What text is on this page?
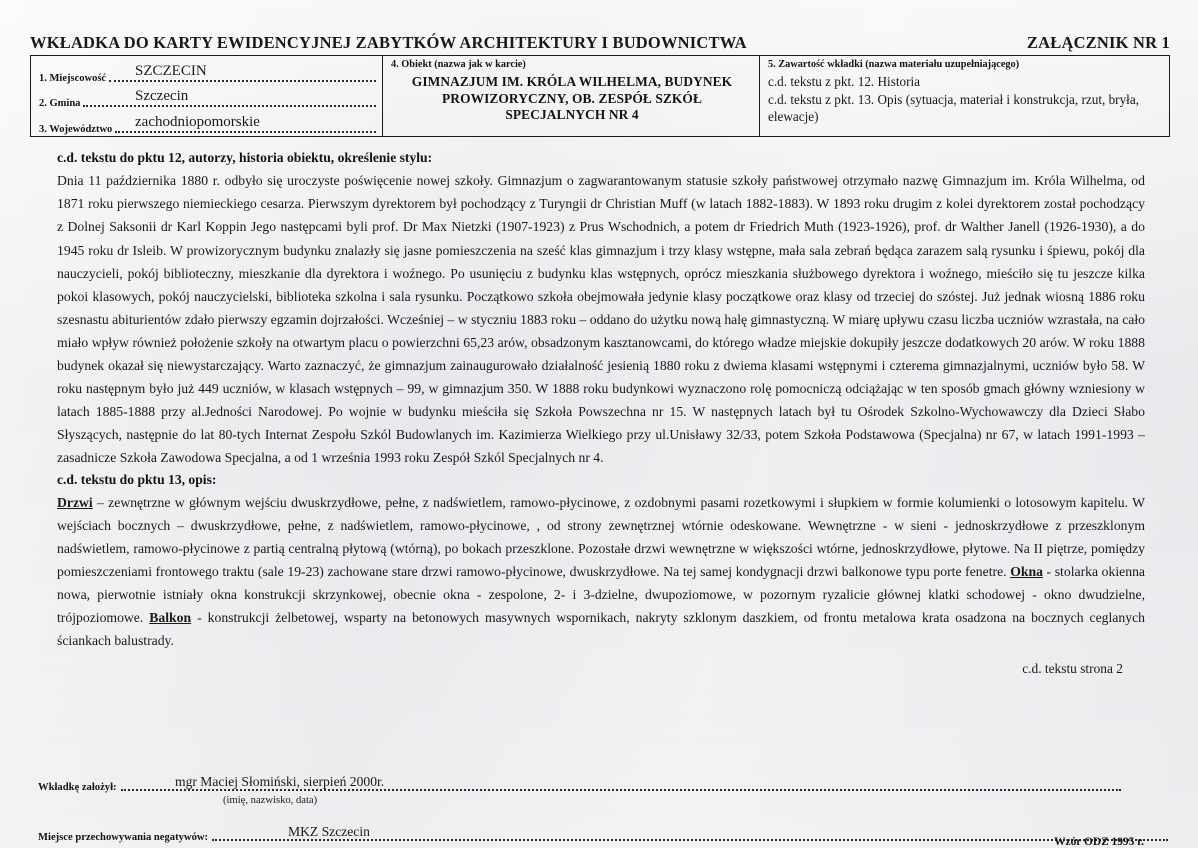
WKŁADKA DO KARTY EWIDENCYJNEJ ZABYTKÓW ARCHITEKTURY I BUDOWNICTWA	ZAŁĄCZNIK NR 1
1. Miejscowość SZCZECIN
2. Gmina	Szczecin
3. Województwo zachodniopomorskie
4. Obiekt (nazwa jak w karcie)
GIMNAZJUM IM. KRÓLA WILHELMA, BUDYNEK
PROWIZORYCZNY, OB. ZESPÓŁ SZKÓŁ
SPECJALNYCH NR 4
5. Zawartość wkładki (nazwa materiału uzupełniającego)
c.d. tekstu z pkt. 12. Historia
c.d. tekstu z pkt. 13. Opis (sytuacja, materiał i konstrukcja, rzut, bryła,
elewacje)
c.d. tekstu do pktu 12, autorzy, historia obiektu, określenie stylu:

Dnia 11 października 1880 r. odbyło się uroczyste poświęcenie nowej szkoły. Gimnazjum o zagwarantowanym statusie szkoły państwowej otrzymało nazwę Gimnazjum im. Króla Wilhelma, od 1871 roku pierwszego niemieckiego cesarza. Pierwszym dyrektorem był pochodzący z Turyngii dr Christian Muff (w latach 1882-1883). W 1893 roku drugim z kolei dyrektorem został pochodzący z Dolnej Saksonii dr Karl Koppin Jego następcami byli prof. Dr Max Nietzki (1907-1923) z Prus Wschodnich, a potem dr Friedrich Muth (1923-1926), prof. dr Walther Janell (1926-1930), a do 1945 roku dr Isleib. W prowizorycznym budynku znalazły się jasne pomieszczenia na sześć klas gimnazjum i trzy klasy wstępne, mała sala zebrań będąca zarazem salą rysunku i śpiewu, pokój dla nauczycieli, pokój biblioteczny, mieszkanie dla dyrektora i woźnego. Po usunięciu z budynku klas wstępnych, oprócz mieszkania służbowego dyrektora i woźnego, mieściło się tu jeszcze kilka pokoi klasowych, pokój nauczycielski, biblioteka szkolna i sala rysunku. Początkowo szkoła obejmowała jedynie klasy początkowe oraz klasy od trzeciej do szóstej. Już jednak wiosną 1886 roku szesnastu abiturientów zdało pierwszy egzamin dojrzałości. Wcześniej – w styczniu 1883 roku – oddano do użytku nową halę gimnastyczną. W miarę upływu czasu liczba uczniów wzrastała, na cało miało wpływ również położenie szkoły na otwartym placu o powierzchni 65,23 arów, obsadzonym kasztanowcami, do którego władze miejskie dokupiły jeszcze dodatkowych 20 arów. W roku 1888 budynek okazał się niewystarczający. Warto zaznaczyć, że gimnazjum zainaugurowało działalność jesienią 1880 roku z dwiema klasami wstępnymi i czterema gimnazjalnymi, uczniów było 58. W roku następnym było już 449 uczniów, w klasach wstępnych – 99, w gimnazjum 350. W 1888 roku budynkowi wyznaczono rolę pomocniczą odciążając w ten sposób gmach główny wzniesiony w latach 1885-1888 przy al.Jedności Narodowej. Po wojnie w budynku mieściła się Szkoła Powszechna nr 15. W następnych latach był tu Ośrodek Szkolno-Wychowawczy dla Dzieci Słabo Słyszących, następnie do lat 80-tych Internat Zespołu Szkól Budowlanych im. Kazimierza Wielkiego przy ul.Unisławy 32/33, potem Szkoła Podstawowa (Specjalna) nr 67, w latach 1991-1993 – zasadnicze Szkoła Zawodowa Specjalna, a od 1 września 1993 roku Zespół Szkól Specjalnych nr 4.

c.d. tekstu do pktu 13, opis:

Drzwi – zewnętrzne w głównym wejściu dwuskrzydłowe, pełne, z nadświetlem, ramowo-płycinowe, z ozdobnymi pasami rozetkowymi i słupkiem w formie kolumienki o lotosowym kapitelu. W wejściach bocznych – dwuskrzydłowe, pełne, z nadświetlem, ramowo-płycinowe, , od strony zewnętrznej wtórnie odeskowane. Wewnętrzne - w sieni - jednoskrzydłowe z przeszklonym nadświetlem, ramowo-płycinowe z partią centralną płytową (wtórną), po bokach przeszklone. Pozostałe drzwi wewnętrzne w większości wtórne, jednoskrzydłowe, płytowe. Na II piętrze, pomiędzy pomieszczeniami frontowego traktu (sale 19-23) zachowane stare drzwi ramowo-płycinowe, dwuskrzydłowe. Na tej samej kondygnacji drzwi balkonowe typu porte fenetre. Okna - stolarka okienna nowa, pierwotnie istniały okna konstrukcji skrzynkowej, obecnie okna - zespolone, 2- i 3-dzielne, dwupoziomowe, w pozornym ryzalicie głównej klatki schodowej - okno dwudzielne, trójpoziomowe. Balkon - konstrukcji żelbetowej, wsparty na betonowych masywnych wspornikach, nakryty szklonym daszkiem, od frontu metalowa krata osadzona na bocznych ceglanych ściankach balustrady.

c.d. tekstu strona 2
Wkładkę założył:	mgr Maciej Słomiński, sierpień 2000r.
(imię, nazwisko, data)
Miejsce przechowywania negatywów:	MKZ Szczecin
Wzór ODZ 1995 r.
